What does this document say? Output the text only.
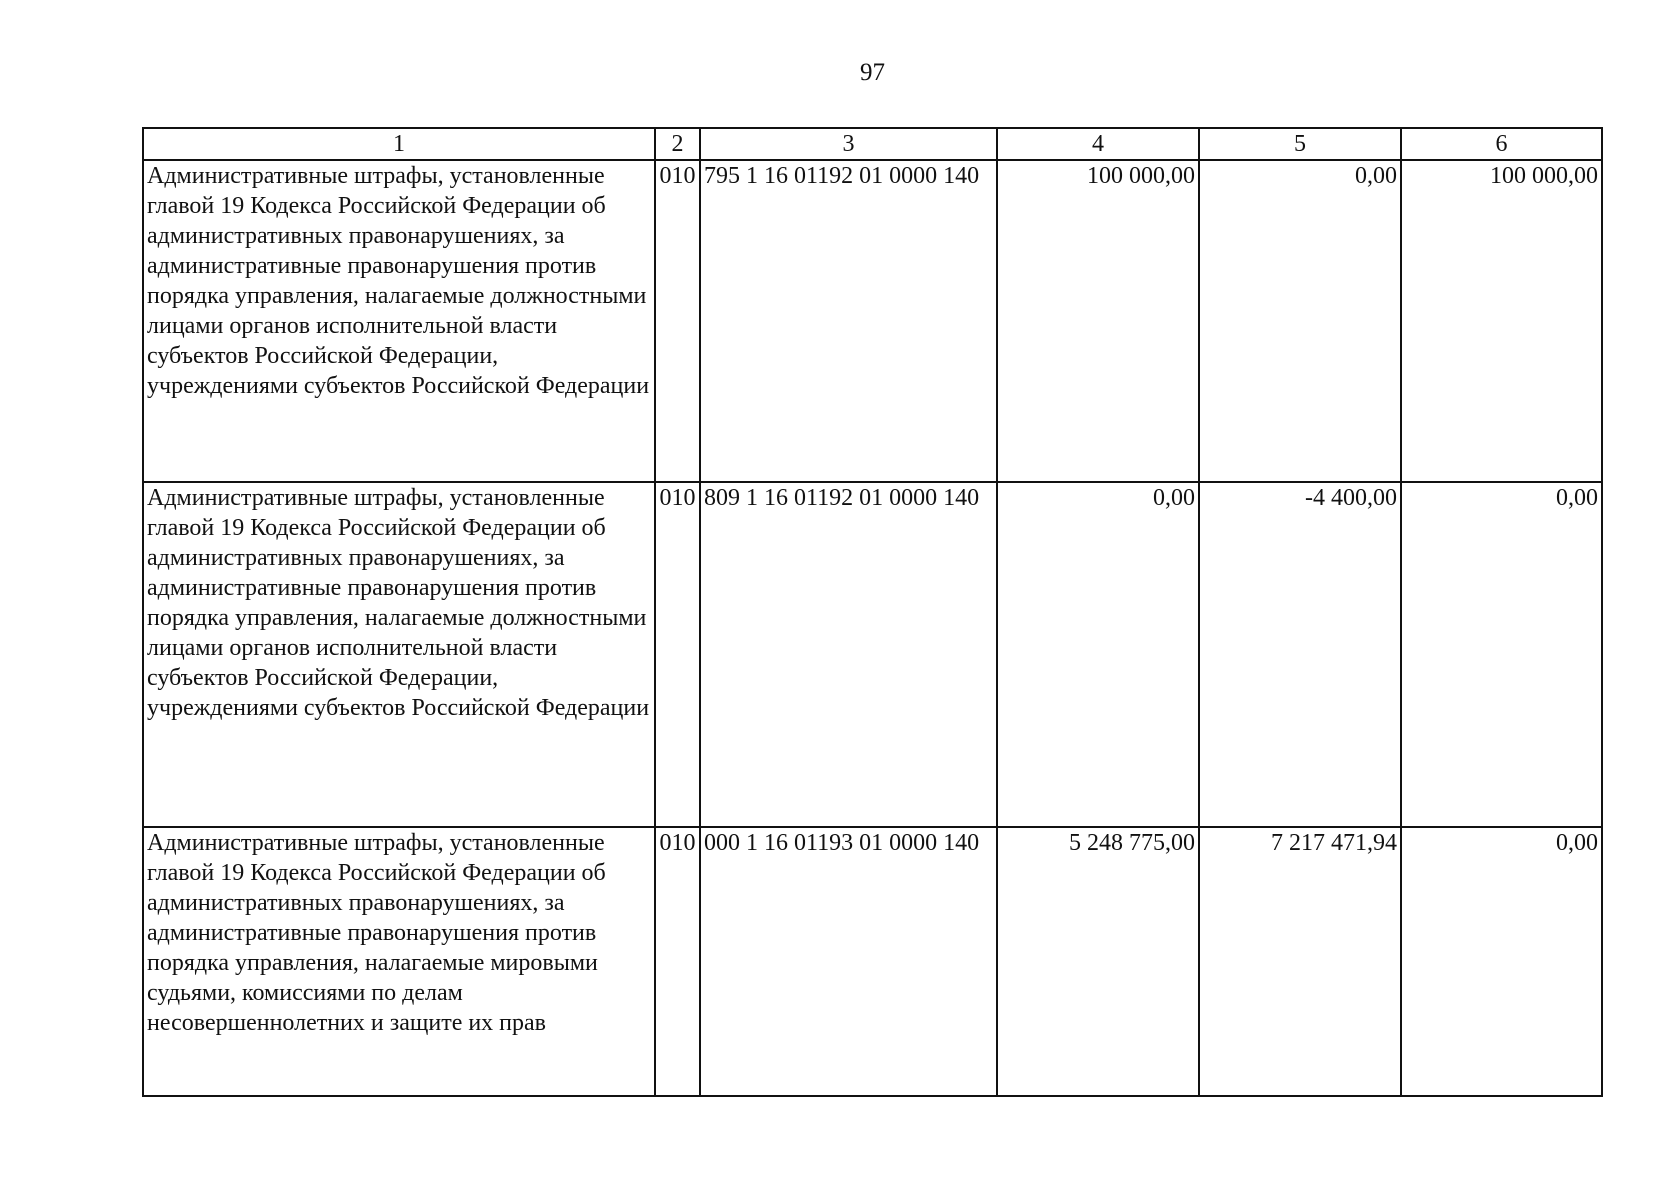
97
1	2	3	4	5	6
Административные штрафы, установленные главой 19 Кодекса Российской Федерации об административных правонарушениях, за административные правонарушения против порядка управления, налагаемые должностными лицами органов исполнительной власти субъектов Российской Федерации, учреждениями субъектов Российской Федерации	010	795 1 16 01192 01 0000 140	100 000,00	0,00	100 000,00
Административные штрафы, установленные главой 19 Кодекса Российской Федерации об административных правонарушениях, за административные правонарушения против порядка управления, налагаемые должностными лицами органов исполнительной власти субъектов Российской Федерации, учреждениями субъектов Российской Федерации	010	809 1 16 01192 01 0000 140	0,00	-4 400,00	0,00
Административные штрафы, установленные главой 19 Кодекса Российской Федерации об административных правонарушениях, за административные правонарушения против порядка управления, налагаемые мировыми судьями, комиссиями по делам несовершеннолетних и защите их прав	010	000 1 16 01193 01 0000 140	5 248 775,00	7 217 471,94	0,00
